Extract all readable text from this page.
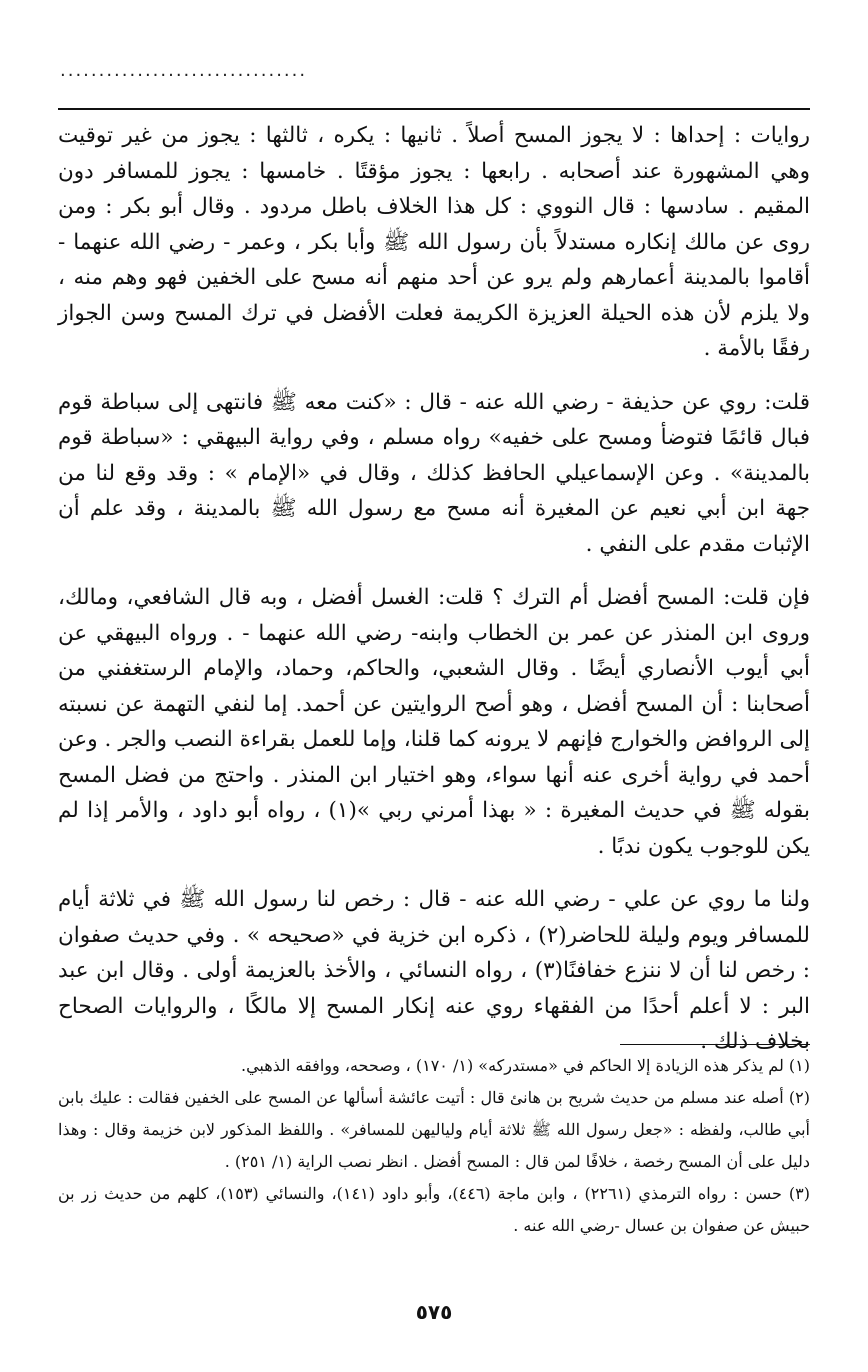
................................

روايات : إحداها : لا يجوز المسح أصلاً . ثانيها : يكره ، ثالثها : يجوز من غير توقيت وهي المشهورة عند أصحابه . رابعها : يجوز مؤقتًا . خامسها : يجوز للمسافر دون المقيم . سادسها : قال النووي : كل هذا الخلاف باطل مردود . وقال أبو بكر : ومن روى عن مالك إنكاره مستدلاً بأن رسول الله ﷺ وأبا بكر ، وعمر - رضي الله عنهما - أقاموا بالمدينة أعمارهم ولم يرو عن أحد منهم أنه مسح على الخفين فهو وهم منه ، ولا يلزم لأن هذه الحيلة العزيزة الكريمة فعلت الأفضل في ترك المسح وسن الجواز رفقًا بالأمة .

قلت: روي عن حذيفة - رضي الله عنه - قال : «كنت معه ﷺ فانتهى إلى سباطة قوم فبال قائمًا فتوضأ ومسح على خفيه» رواه مسلم ، وفي رواية البيهقي : «سباطة قوم بالمدينة» . وعن الإسماعيلي الحافظ كذلك ، وقال في «الإمام » : وقد وقع لنا من جهة ابن أبي نعيم عن المغيرة أنه مسح مع رسول الله ﷺ بالمدينة ، وقد علم أن الإثبات مقدم على النفي .

فإن قلت: المسح أفضل أم الترك ؟ قلت: الغسل أفضل ، وبه قال الشافعي، ومالك، وروى ابن المنذر عن عمر بن الخطاب وابنه- رضي الله عنهما - . ورواه البيهقي عن أبي أيوب الأنصاري أيضًا . وقال الشعبي، والحاكم، وحماد، والإمام الرستغفني من أصحابنا : أن المسح أفضل ، وهو أصح الروايتين عن أحمد. إما لنفي التهمة عن نسبته إلى الروافض والخوارج فإنهم لا يرونه كما قلنا، وإما للعمل بقراءة النصب والجر . وعن أحمد في رواية أخرى عنه أنها سواء، وهو اختيار ابن المنذر . واحتج من فضل المسح بقوله ﷺ في حديث المغيرة : « بهذا أمرني ربي »(١) ، رواه أبو داود ، والأمر إذا لم يكن للوجوب يكون ندبًا .

ولنا ما روي عن علي - رضي الله عنه - قال : رخص لنا رسول الله ﷺ في ثلاثة أيام للمسافر ويوم وليلة للحاضر(٢) ، ذكره ابن خزية في «صحيحه » . وفي حديث صفوان : رخص لنا أن لا ننزع خفافنًا(٣) ، رواه النسائي ، والأخذ بالعزيمة أولى . وقال ابن عبد البر : لا أعلم أحدًا من الفقهاء روي عنه إنكار المسح إلا مالكًا ، والروايات الصحاح بخلاف ذلك .

(١) لم يذكر هذه الزيادة إلا الحاكم في «مستدركه» (١/ ١٧٠) ، وصححه، ووافقه الذهبي.

(٢) أصله عند مسلم من حديث شريح بن هانئ قال : أتيت عائشة أسألها عن المسح على الخفين فقالت : عليك بابن أبي طالب، ولفظه : «جعل رسول الله ﷺ ثلاثة أيام ولياليهن للمسافر» . واللفظ المذكور لابن خزيمة وقال : وهذا دليل على أن المسح رخصة ، خلافًا لمن قال : المسح أفضل . انظر نصب الراية (١/ ٢٥١) .

(٣) حسن : رواه الترمذي (٢٢٦١) ، وابن ماجة (٤٤٦)، وأبو داود (١٤١)، والنسائي (١٥٣)، كلهم من حديث زر بن حبيش عن صفوان بن عسال -رضي الله عنه .

٥٧٥
